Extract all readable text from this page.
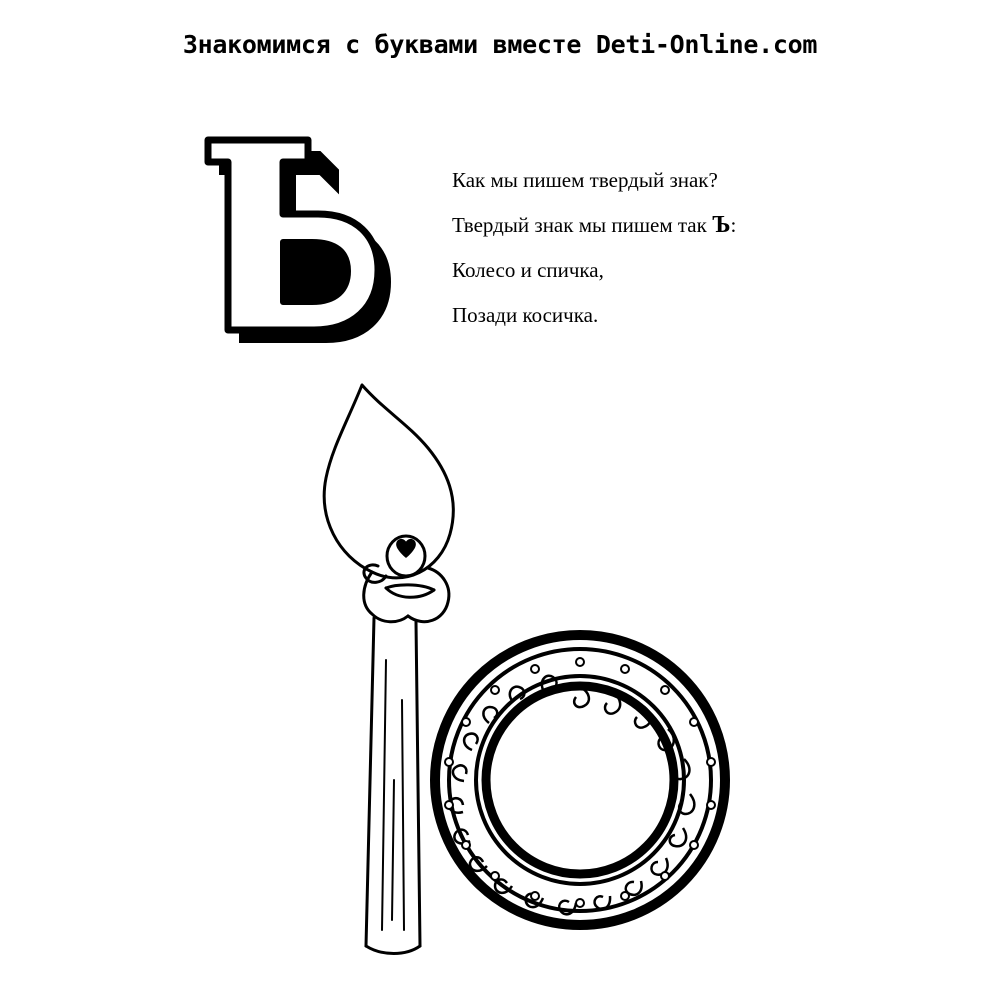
Знакомимся с буквами вместе Deti-Online.com
Как мы пишем твердый знак?
Твердый знак мы пишем так Ъ:
Колесо и спичка,
Позади косичка.
